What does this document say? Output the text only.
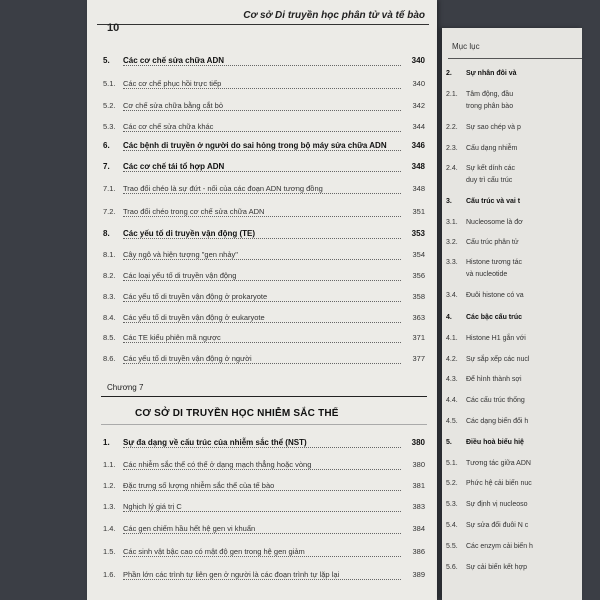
10
Cơ sở Di truyền học phân tử và tế bào
5. Các cơ chế sửa chữa ADN	340
5.1. Các cơ chế phục hồi trực tiếp	340
5.2. Cơ chế sửa chữa bằng cắt bỏ	342
5.3. Các cơ chế sửa chữa khác	344
6. Các bệnh di truyền ở người do sai hỏng trong bộ máy sửa chữa ADN	346
7. Các cơ chế tái tổ hợp ADN	348
7.1. Trao đổi chéo là sự đứt - nối của các đoạn ADN tương đồng	348
7.2. Trao đổi chéo trong cơ chế sửa chữa ADN	351
8. Các yếu tố di truyền vận động (TE)	353
8.1. Cây ngô và hiện tượng "gen nhảy"	354
8.2. Các loại yếu tố di truyền vận động	356
8.3. Các yếu tố di truyền vận động ở prokaryote	358
8.4. Các yếu tố di truyền vận động ở eukaryote	363
8.5. Các TE kiểu phiên mã ngược	371
8.6. Các yếu tố di truyền vận động ở người	377
Chương 7
CƠ SỞ DI TRUYỀN HỌC NHIỄM SẮC THỂ
1. Sự đa dạng về cấu trúc của nhiễm sắc thể (NST)	380
1.1. Các nhiễm sắc thể có thể ở dạng mạch thẳng hoặc vòng	380
1.2. Đặc trưng số lượng nhiễm sắc thể của tế bào	381
1.3. Nghịch lý giá trị C	383
1.4. Các gen chiếm hầu hết hệ gen vi khuẩn	384
1.5. Các sinh vật bậc cao có mật độ gen trong hệ gen giảm	386
1.6. Phần lớn các trình tự liên gen ở người là các đoạn trình tự lặp lại	389
Mục lục
2. Sự nhân đôi và
2.1. Tâm động, đầu
trong phân bào
2.2. Sự sao chép và p
2.3. Cấu dạng nhiễm
2.4. Sự kết dính các
duy trì cấu trúc
3. Cấu trúc và vai t
3.1. Nucleosome là đơ
3.2. Cấu trúc phân tử
3.3. Histone tương tác
và nucleotide
3.4. Đuôi histone có va
4. Các bậc cấu trúc
4.1. Histone H1 gắn với
4.2. Sự sắp xếp các nucl
4.3. Để hình thành sợi
4.4. Các cấu trúc thống
4.5. Các dạng biến đổi h
5. Điều hoà biểu hiệ
5.1. Tương tác giữa ADN
5.2. Phức hệ cải biến nuc
5.3. Sự định vị nucleoso
5.4. Sự sửa đổi đuôi N c
5.5. Các enzym cải biến h
5.6. Sự cải biến kết hợp
